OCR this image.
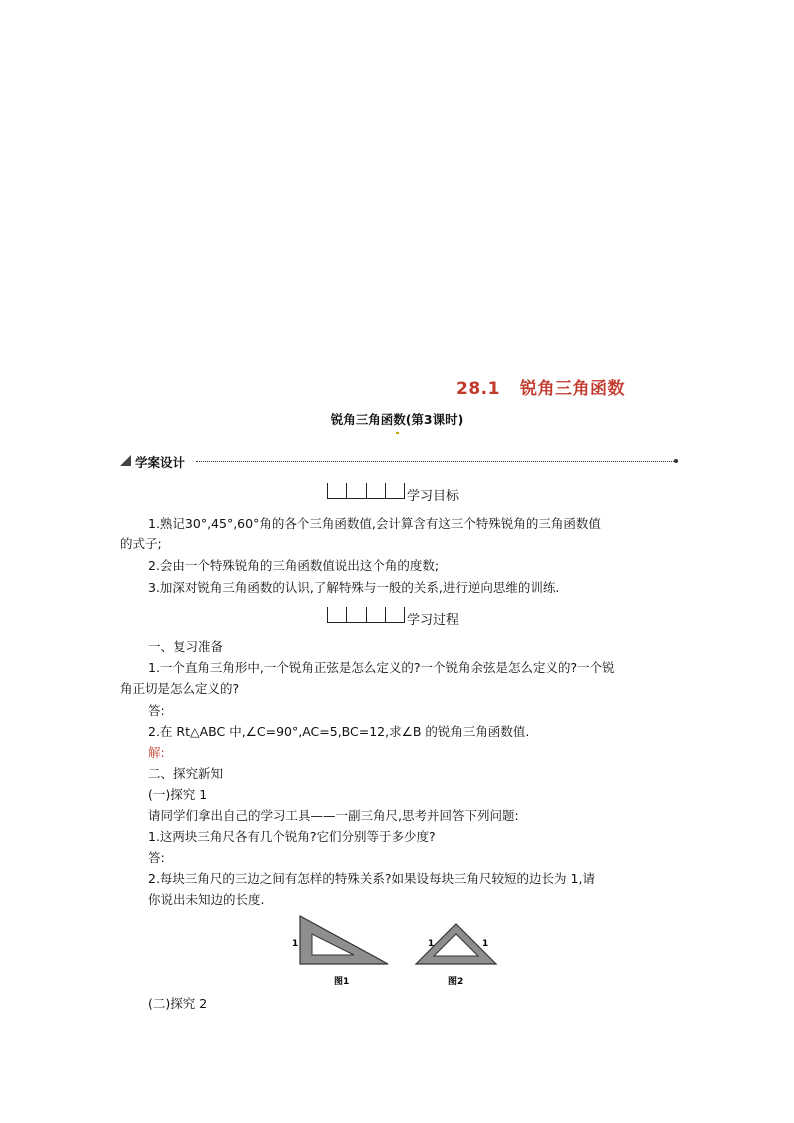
28.1 锐角三角函数
锐角三角函数(第3课时)
学案设计
学习目标
1.熟记30°,45°,60°角的各个三角函数值,会计算含有这三个特殊锐角的三角函数值
的式子;
2.会由一个特殊锐角的三角函数值说出这个角的度数;
3.加深对锐角三角函数的认识,了解特殊与一般的关系,进行逆向思维的训练.
学习过程
一、复习准备
1.一个直角三角形中,一个锐角正弦是怎么定义的?一个锐角余弦是怎么定义的?一个锐
角正切是怎么定义的?
答:
2.在 Rt△ABC 中,∠C=90°,AC=5,BC=12,求∠B 的锐角三角函数值.
解:
二、探究新知
(一)探究 1
请同学们拿出自己的学习工具——一副三角尺,思考并回答下列问题:
1.这两块三角尺各有几个锐角?它们分别等于多少度?
答:
2.每块三角尺的三边之间有怎样的特殊关系?如果设每块三角尺较短的边长为 1,请
你说出未知边的长度.
1
图1
1	1
图2
(二)探究 2
